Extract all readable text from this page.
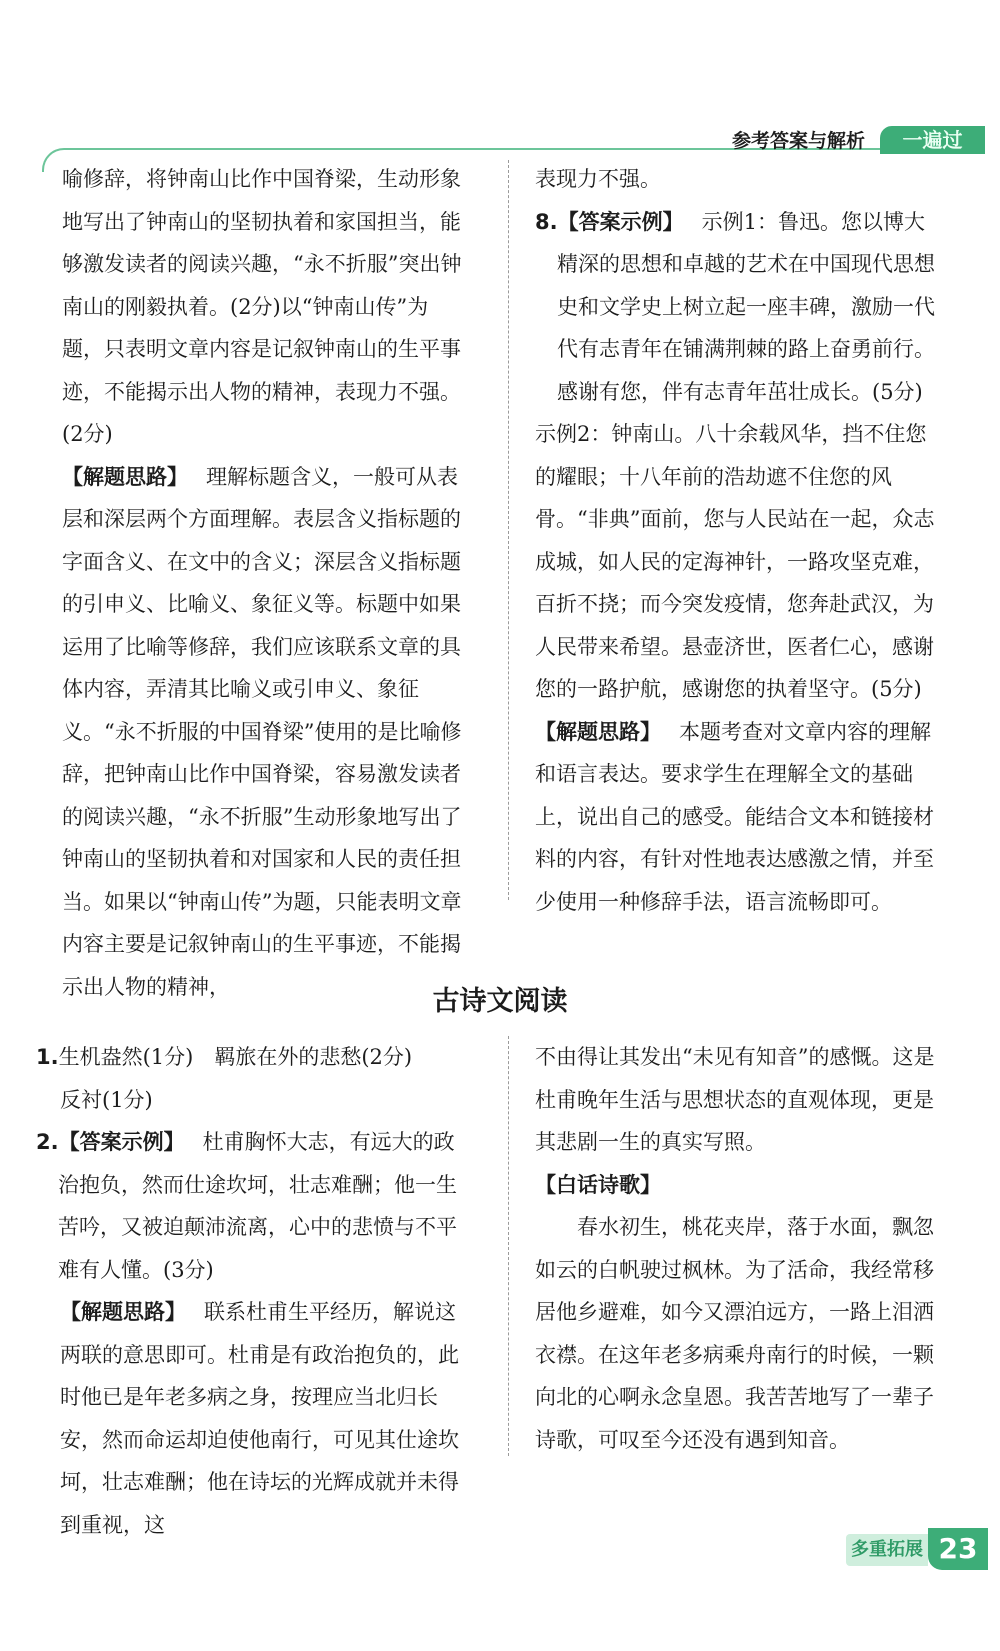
参考答案与解析	一遍过

喻修辞，将钟南山比作中国脊梁，生动形象地写出了钟南山的坚韧执着和家国担当，能够激发读者的阅读兴趣，“永不折服”突出钟南山的刚毅执着。(2分)以“钟南山传”为题，只表明文章内容是记叙钟南山的生平事迹，不能揭示出人物的精神，表现力不强。(2分)

【解题思路】 理解标题含义，一般可从表层和深层两个方面理解。表层含义指标题的字面含义、在文中的含义；深层含义指标题的引申义、比喻义、象征义等。标题中如果运用了比喻等修辞，我们应该联系文章的具体内容，弄清其比喻义或引申义、象征义。“永不折服的中国脊梁”使用的是比喻修辞，把钟南山比作中国脊梁，容易激发读者的阅读兴趣，“永不折服”生动形象地写出了钟南山的坚韧执着和对国家和人民的责任担当。如果以“钟南山传”为题，只能表明文章内容主要是记叙钟南山的生平事迹，不能揭示出人物的精神，

表现力不强。

8.【答案示例】 示例1：鲁迅。您以博大精深的思想和卓越的艺术在中国现代思想史和文学史上树立起一座丰碑，激励一代代有志青年在铺满荆棘的路上奋勇前行。感谢有您，伴有志青年茁壮成长。(5分)

示例2：钟南山。八十余载风华，挡不住您的耀眼；十八年前的浩劫遮不住您的风骨。“非典”面前，您与人民站在一起，众志成城，如人民的定海神针，一路攻坚克难，百折不挠；而今突发疫情，您奔赴武汉，为人民带来希望。悬壶济世，医者仁心，感谢您的一路护航，感谢您的执着坚守。(5分)

【解题思路】 本题考查对文章内容的理解和语言表达。要求学生在理解全文的基础上，说出自己的感受。能结合文本和链接材料的内容，有针对性地表达感激之情，并至少使用一种修辞手法，语言流畅即可。

古诗文阅读

1.生机盎然(1分)　羁旅在外的悲愁(2分)

反衬(1分)

2.【答案示例】 杜甫胸怀大志，有远大的政治抱负，然而仕途坎坷，壮志难酬；他一生苦吟，又被迫颠沛流离，心中的悲愤与不平难有人懂。(3分)

【解题思路】 联系杜甫生平经历，解说这两联的意思即可。杜甫是有政治抱负的，此时他已是年老多病之身，按理应当北归长安，然而命运却迫使他南行，可见其仕途坎坷，壮志难酬；他在诗坛的光辉成就并未得到重视，这

不由得让其发出“未见有知音”的感慨。这是杜甫晚年生活与思想状态的直观体现，更是其悲剧一生的真实写照。

【白话诗歌】

春水初生，桃花夹岸，落于水面，飘忽如云的白帆驶过枫林。为了活命，我经常移居他乡避难，如今又漂泊远方，一路上泪洒衣襟。在这年老多病乘舟南行的时候，一颗向北的心啊永念皇恩。我苦苦地写了一辈子诗歌，可叹至今还没有遇到知音。

多重拓展 23
